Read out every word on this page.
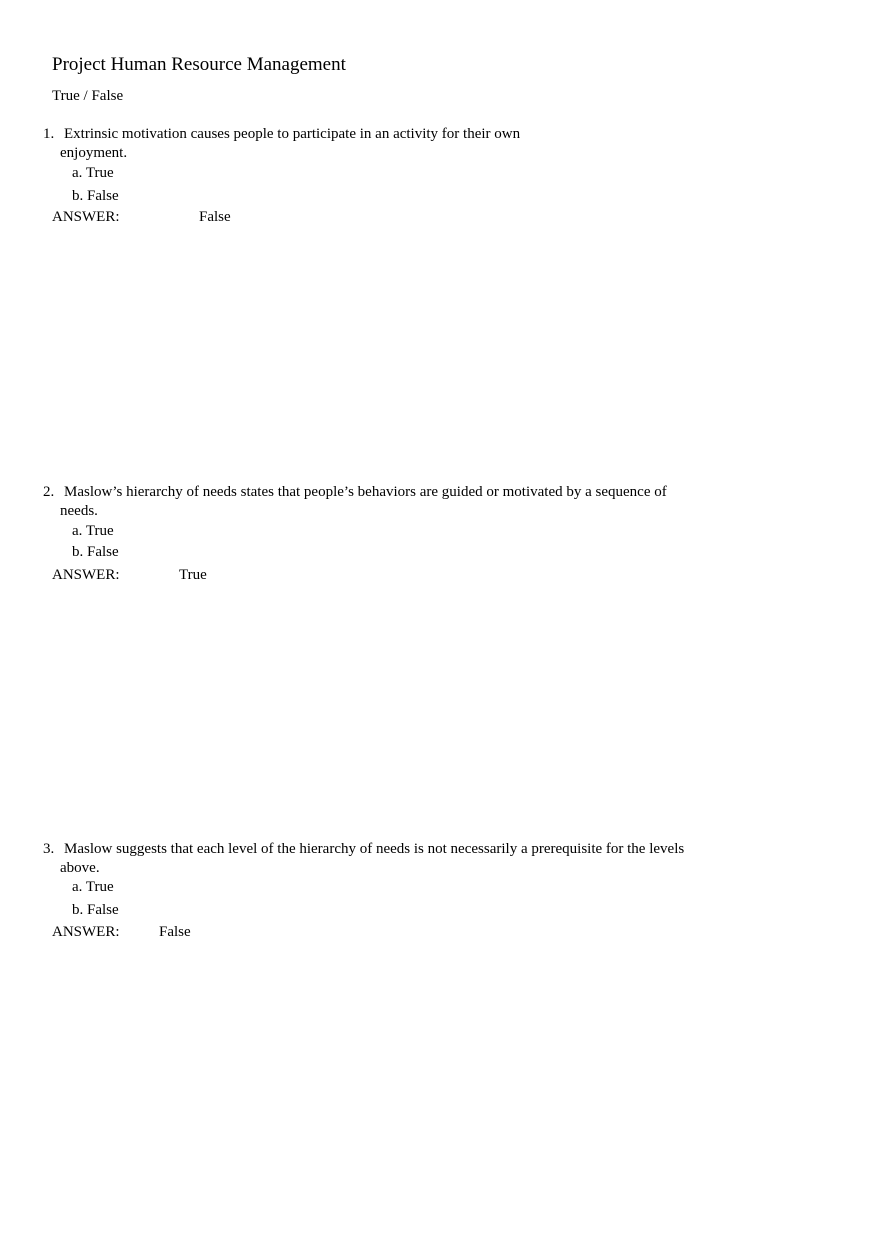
Project Human Resource Management
True / False
1. Extrinsic motivation causes people to participate in an activity for their own
enjoyment.
a. True
b. False
ANSWER:	False
2. Maslow’s hierarchy of needs states that people’s behaviors are guided or motivated by a sequence of
needs.
a. True
b. False
ANSWER:	True
3. Maslow suggests that each level of the hierarchy of needs is not necessarily a prerequisite for the levels
above.
a. True
b. False
ANSWER:	False
